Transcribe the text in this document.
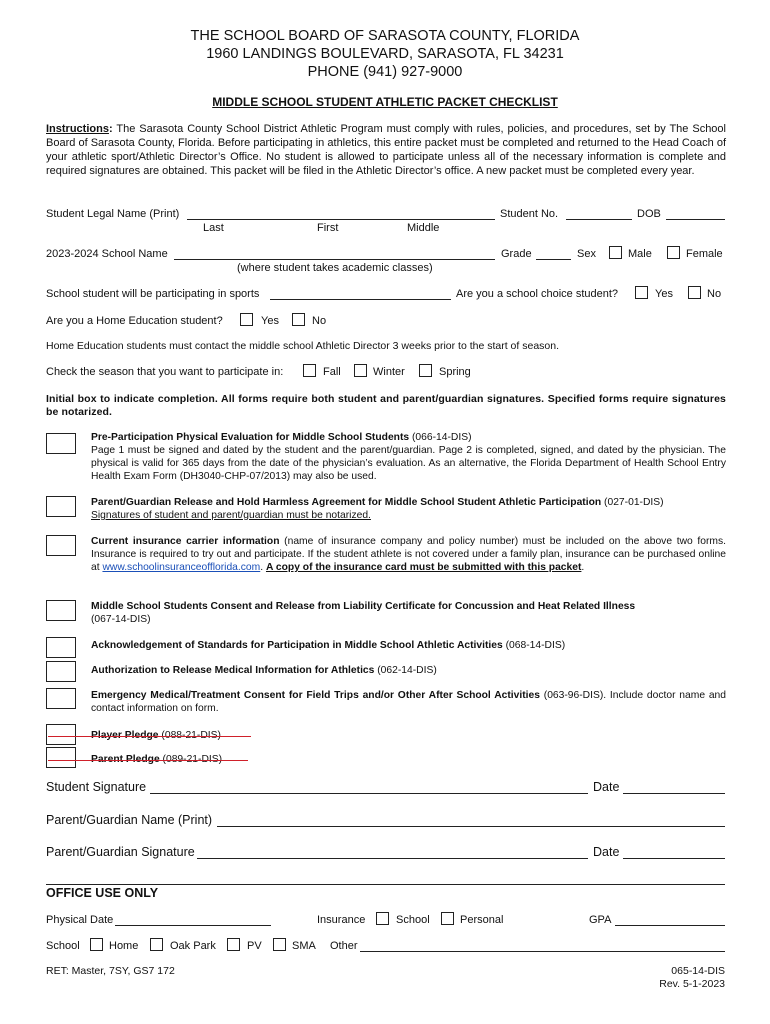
THE SCHOOL BOARD OF SARASOTA COUNTY, FLORIDA
1960 LANDINGS BOULEVARD, SARASOTA, FL 34231
PHONE (941) 927-9000
MIDDLE SCHOOL STUDENT ATHLETIC PACKET CHECKLIST
Instructions: The Sarasota County School District Athletic Program must comply with rules, policies, and procedures, set by The School Board of Sarasota County, Florida. Before participating in athletics, this entire packet must be completed and returned to the Head Coach of your athletic sport/Athletic Director’s Office. No student is allowed to participate unless all of the necessary information is complete and required signatures are obtained. This packet will be filed in the Athletic Director’s office. A new packet must be completed every year.
Student Legal Name (Print)	Student No.	DOB
Last	First	Middle
2023-2024 School Name	Grade	Sex	Male	Female
(where student takes academic classes)
School student will be participating in sports	Are you a school choice student?	Yes	No
Are you a Home Education student?	Yes	No
Home Education students must contact the middle school Athletic Director 3 weeks prior to the start of season.
Check the season that you want to participate in:	Fall	Winter	Spring
Initial box to indicate completion. All forms require both student and parent/guardian signatures. Specified forms require signatures be notarized.
Pre-Participation Physical Evaluation for Middle School Students (066-14-DIS)
Page 1 must be signed and dated by the student and the parent/guardian. Page 2 is completed, signed, and dated by the physician. The physical is valid for 365 days from the date of the physician’s evaluation. As an alternative, the Florida Department of Health School Entry Health Exam Form (DH3040-CHP-07/2013) may also be used.
Parent/Guardian Release and Hold Harmless Agreement for Middle School Student Athletic Participation (027-01-DIS)
Signatures of student and parent/guardian must be notarized.
Current insurance carrier information (name of insurance company and policy number) must be included on the above two forms. Insurance is required to try out and participate. If the student athlete is not covered under a family plan, insurance can be purchased online at www.schoolinsuranceofflorida.com. A copy of the insurance card must be submitted with this packet.
Middle School Students Consent and Release from Liability Certificate for Concussion and Heat Related Illness
(067-14-DIS)
Acknowledgement of Standards for Participation in Middle School Athletic Activities (068-14-DIS)
Authorization to Release Medical Information for Athletics (062-14-DIS)
Emergency Medical/Treatment Consent for Field Trips and/or Other After School Activities (063-96-DIS). Include doctor name and contact information on form.
Player Pledge (088-21-DIS)
Parent Pledge (089-21-DIS)
Student Signature	Date
Parent/Guardian Name (Print)
Parent/Guardian Signature	Date
OFFICE USE ONLY
Physical Date	Insurance	School	Personal	GPA
School	Home	Oak Park	PV	SMA Other
RET: Master, 7SY, GS7 172	065-14-DIS
Rev. 5-1-2023
